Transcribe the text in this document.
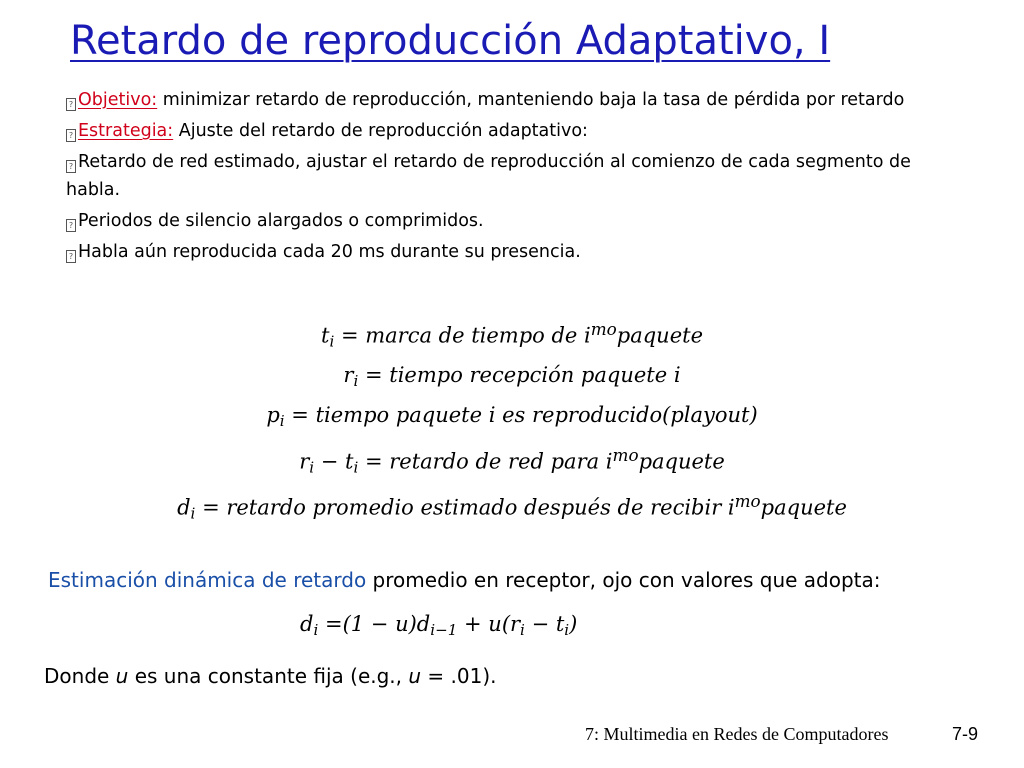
Retardo de reproducción Adaptativo, I
? Objetivo: minimizar retardo de reproducción, manteniendo baja la tasa de pérdida por retardo
? Estrategia: Ajuste del retardo de reproducción adaptativo:
? Retardo de red estimado, ajustar el retardo de reproducción al comienzo de cada segmento de habla.
? Periodos de silencio alargados o comprimidos.
? Habla aún reproducida cada 20 ms durante su presencia.
$t_i$ = marca de tiempo de $i^{mo}paquete$
$r_i$ = tiempo recepción paquete i
$p_i$ = tiempo paquete i es reproducido(playout)
$r_i - t_i$ = retardo de red para $i^{mo}paquete$
$d_i$ = retardo promedio estimado después de recibir $i^{mo}paquete$
Estimación dinámica de retardo promedio en receptor, ojo con valores que adopta:
$d_i =(1 - u)d_{i-1} + u(r_i - t_i)$
Donde u es una constante fija (e.g., u = .01).
7: Multimedia en Redes de Computadores	7-9
